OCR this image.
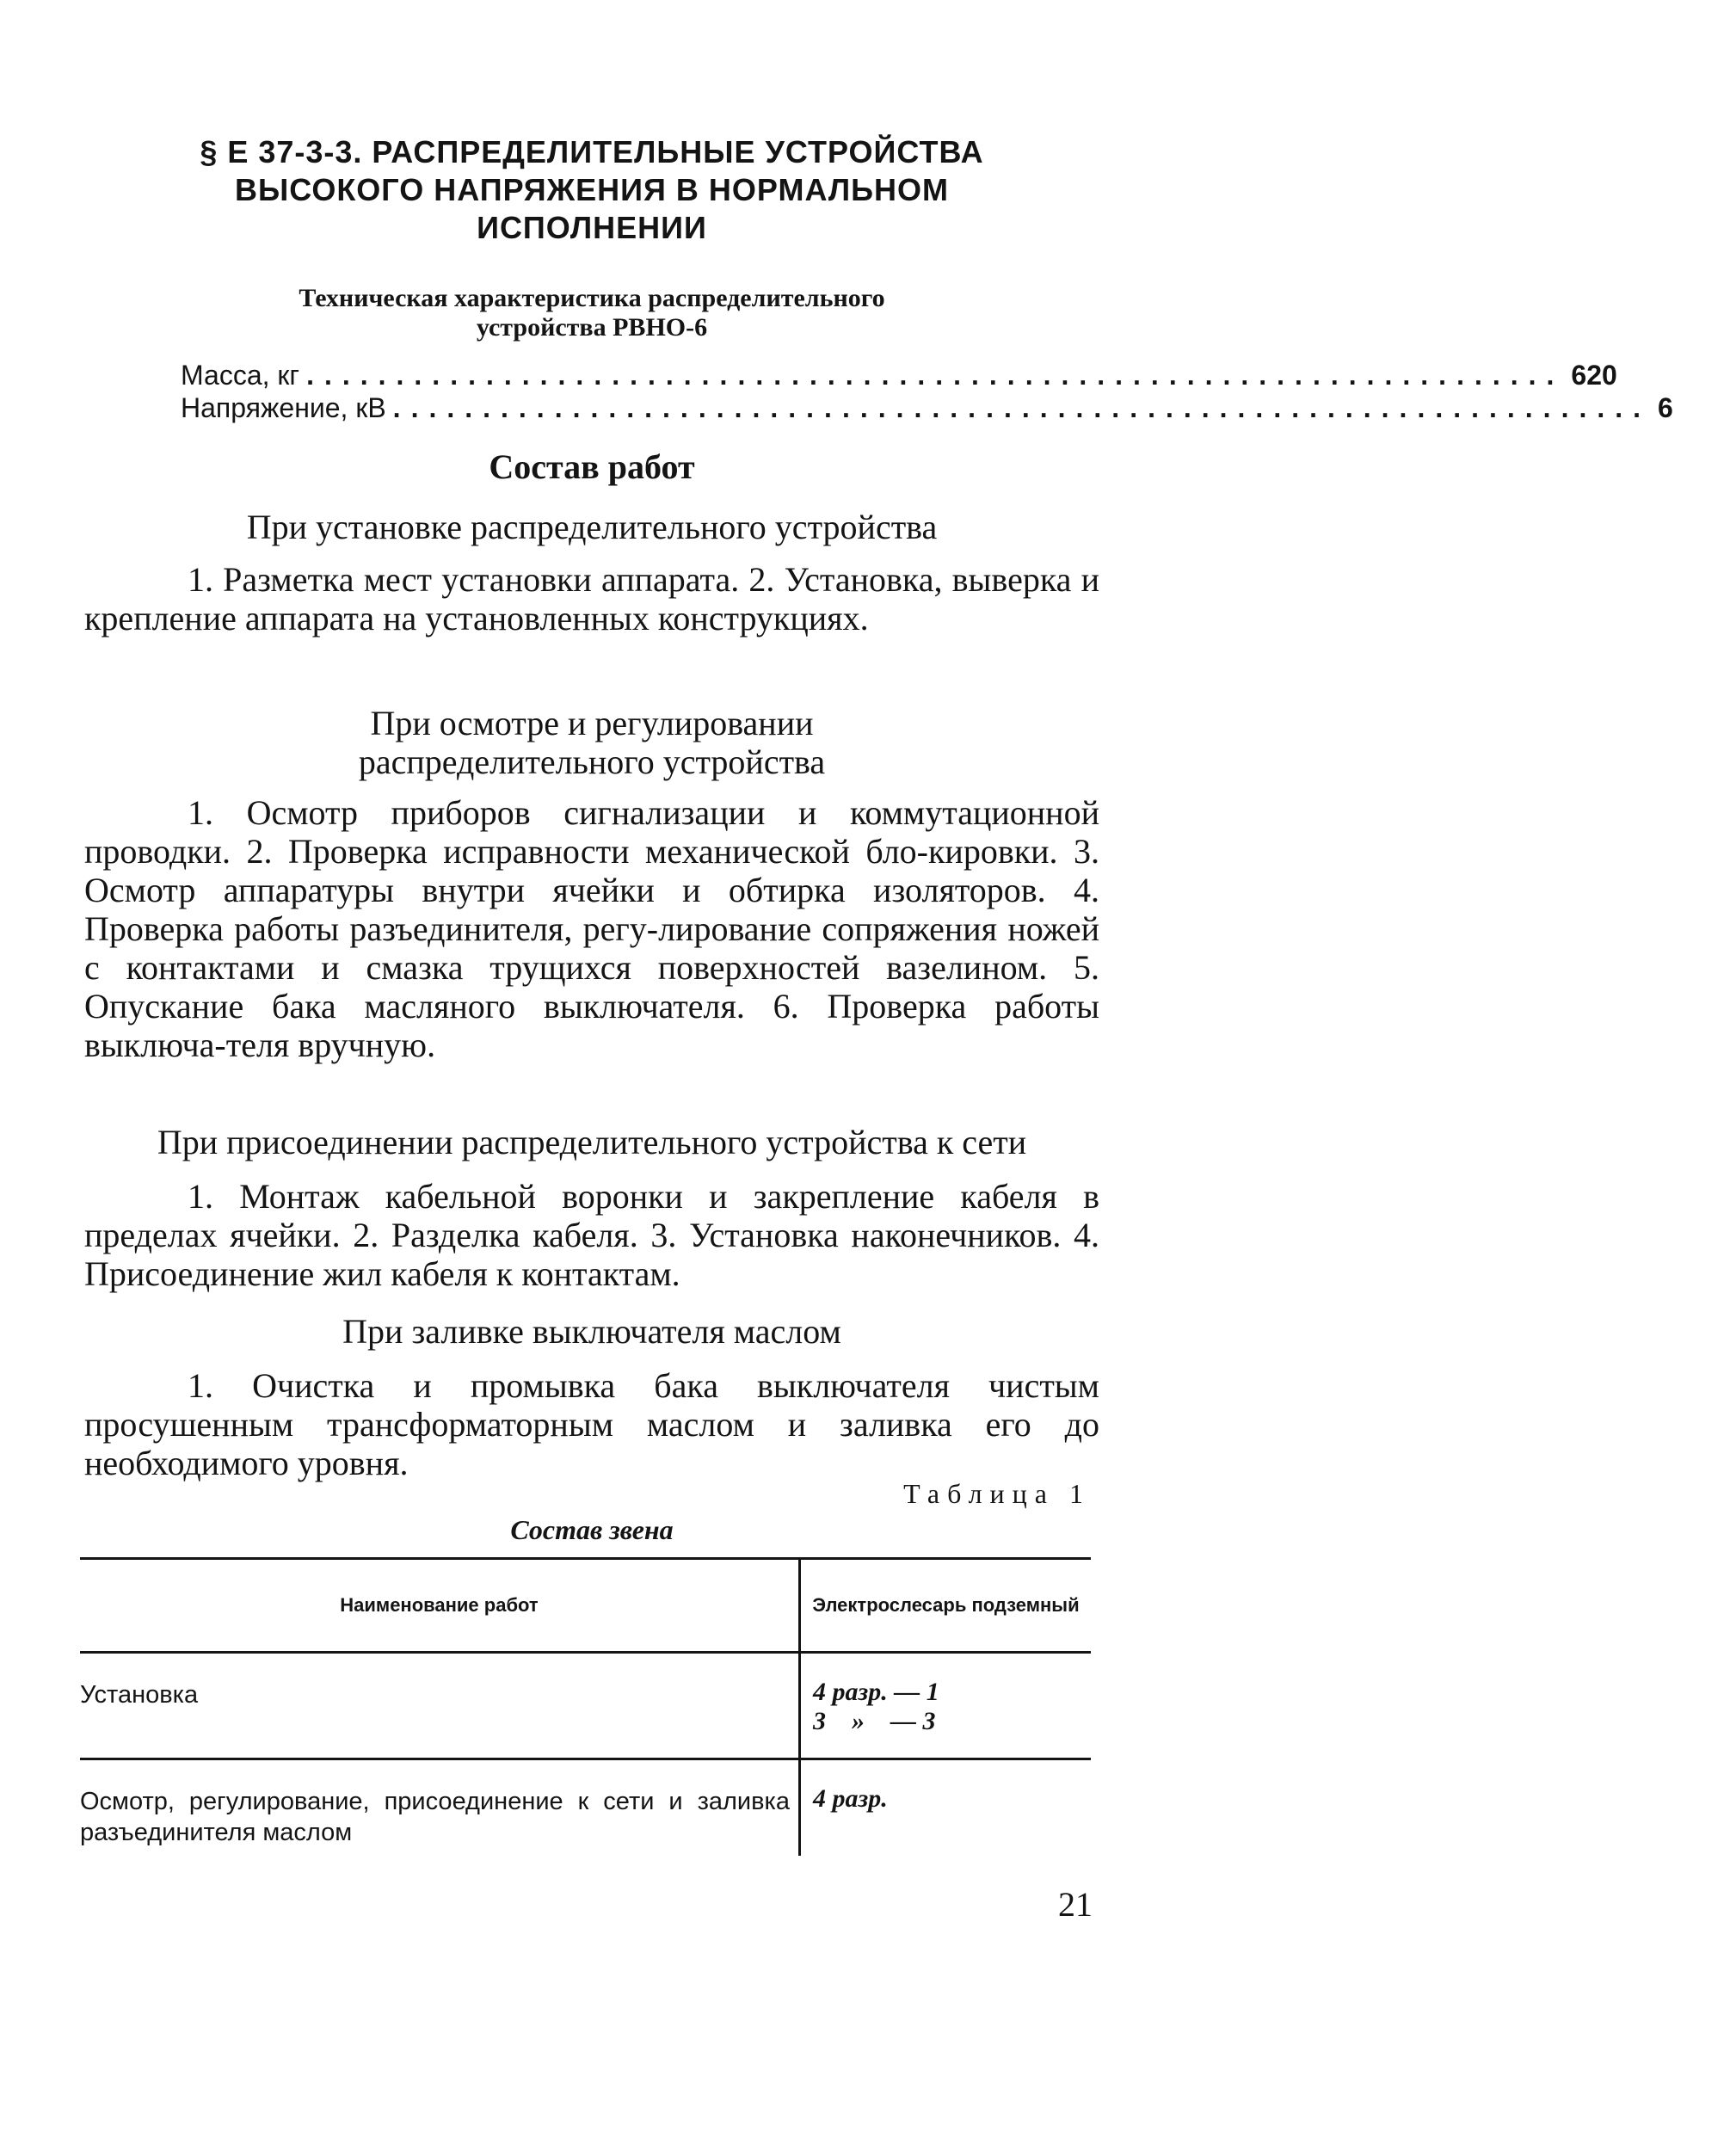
§ Е 37-3-3. РАСПРЕДЕЛИТЕЛЬНЫЕ УСТРОЙСТВА
ВЫСОКОГО НАПРЯЖЕНИЯ В НОРМАЛЬНОМ
ИСПОЛНЕНИИ
Техническая характеристика распределительного
устройства РВНО-6
Масса, кг ...................................................................... 620
Напряжение, кВ ...................................................................... 6
Состав работ
При установке распределительного устройства
1. Разметка мест установки аппарата. 2. Установка, выверка и крепление аппарата на установленных конструкциях.
При осмотре и регулировании распределительного устройства
1. Осмотр приборов сигнализации и коммутационной проводки. 2. Проверка исправности механической бло-кировки. 3. Осмотр аппаратуры внутри ячейки и обтирка изоляторов. 4. Проверка работы разъединителя, регу-лирование сопряжения ножей с контактами и смазка трущихся поверхностей вазелином. 5. Опускание бака масляного выключателя. 6. Проверка работы выключа-теля вручную.
При присоединении распределительного устройства к сети
1. Монтаж кабельной воронки и закрепление кабеля в пределах ячейки. 2. Разделка кабеля. 3. Установка наконечников. 4. Присоединение жил кабеля к контактам.
При заливке выключателя маслом
1. Очистка и промывка бака выключателя чистым просушенным трансформаторным маслом и заливка его до необходимого уровня.
Таблица 1
Состав звена
Наименование работ	Электрослесарь подземный

Установка	4 разр. — 1
3    »    — 3

Осмотр, регулирование, присоединение к сети и заливка разъединителя маслом	4 разр.
21
